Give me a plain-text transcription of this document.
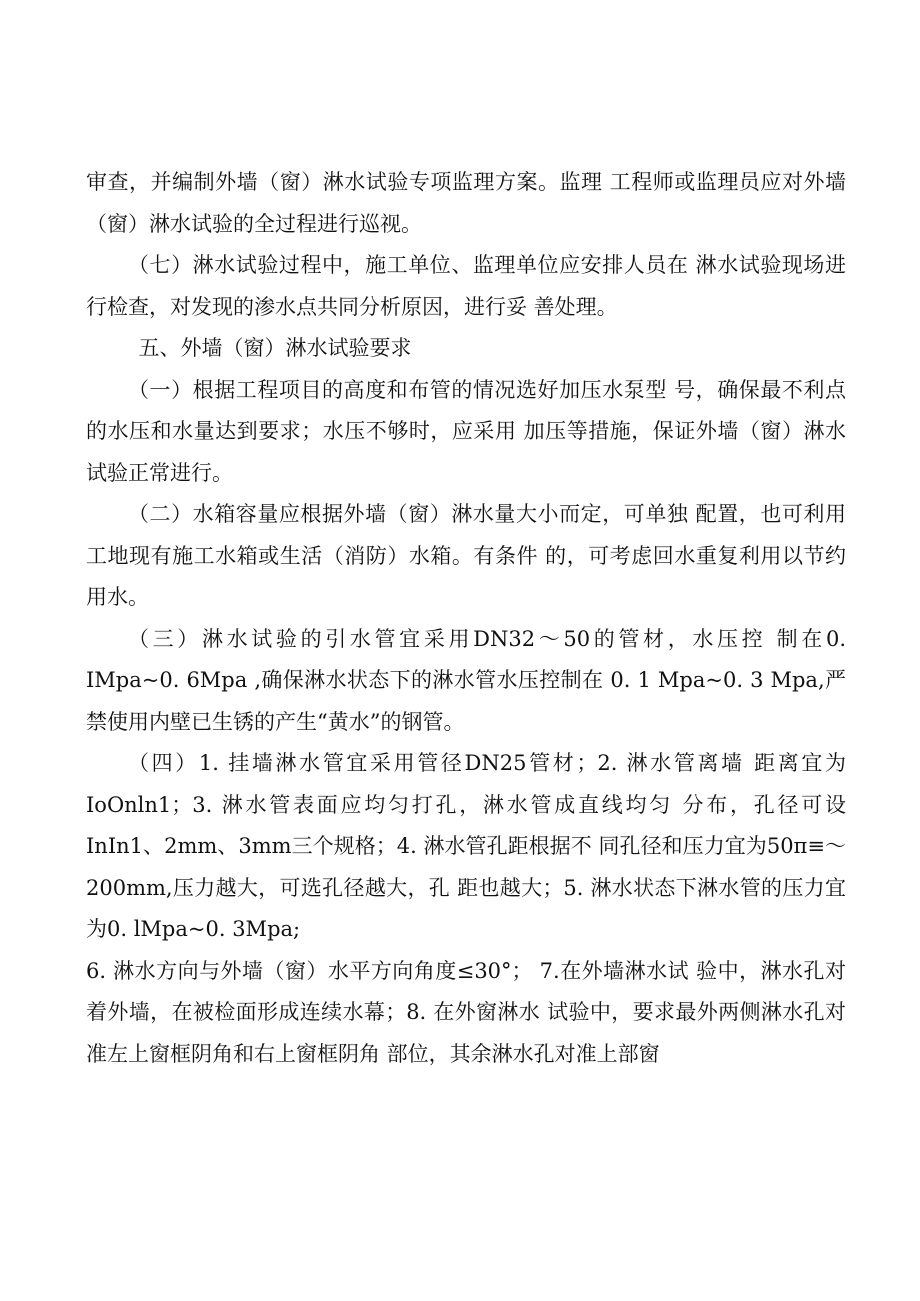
审查，并编制外墙（窗）淋水试验专项监理方案。监理 工程师或监理员应对外墙（窗）淋水试验的全过程进行巡视。

（七）淋水试验过程中，施工单位、监理单位应安排人员在 淋水试验现场进行检查，对发现的渗水点共同分析原因，进行妥 善处理。

五、外墙（窗）淋水试验要求

（一）根据工程项目的高度和布管的情况选好加压水泵型 号，确保最不利点的水压和水量达到要求；水压不够时，应采用 加压等措施，保证外墙（窗）淋水试验正常进行。

（二）水箱容量应根据外墙（窗）淋水量大小而定，可单独 配置，也可利用工地现有施工水箱或生活（消防）水箱。有条件 的，可考虑回水重复利用以节约用水。

（三）淋水试验的引水管宜采用DN32～50的管材，水压控 制在0. IMpa~0. 6Mpa ,确保淋水状态下的淋水管水压控制在 0. 1 Mpa~0. 3 Mpa,严禁使用内壁已生锈的产生“黄水”的钢管。

（四）1. 挂墙淋水管宜采用管径DN25管材；2. 淋水管离墙 距离宜为IoOnln1；3. 淋水管表面应均匀打孔，淋水管成直线均匀 分布，孔径可设InIn1、2mm、3mm三个规格；4. 淋水管孔距根据不 同孔径和压力宜为50π≡～200mm,压力越大，可选孔径越大，孔 距也越大；5. 淋水状态下淋水管的压力宜为0. lMpa~0. 3Mpa;

6. 淋水方向与外墙（窗）水平方向角度≤30°； 7.在外墙淋水试 验中，淋水孔对着外墙，在被检面形成连续水幕；8. 在外窗淋水 试验中，要求最外两侧淋水孔对准左上窗框阴角和右上窗框阴角 部位，其余淋水孔对准上部窗
